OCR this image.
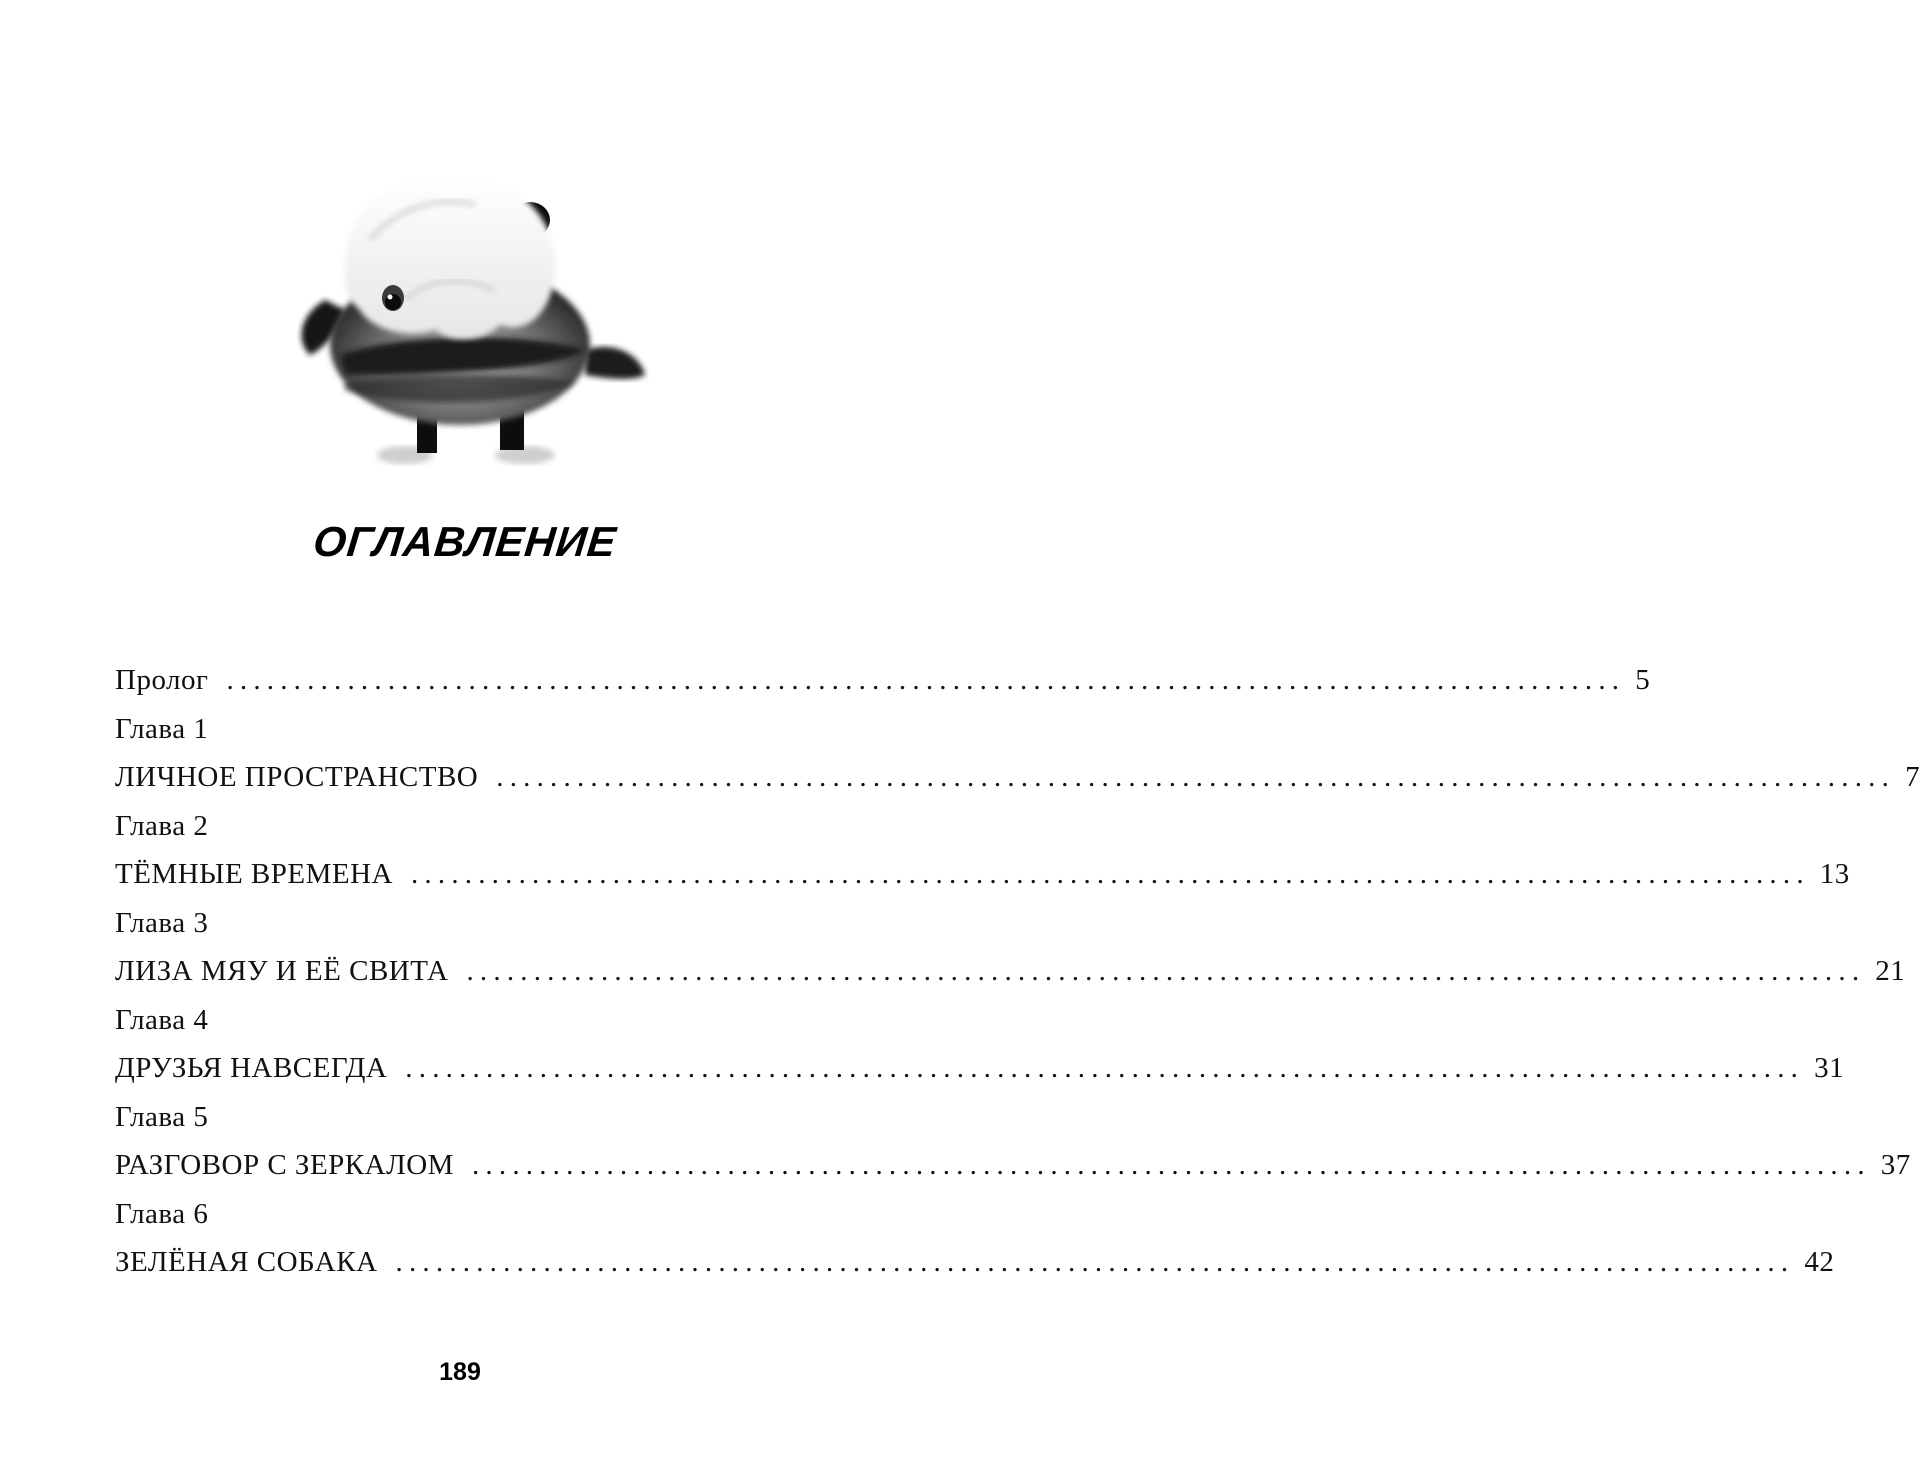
ОГЛАВЛЕНИЕ
Пролог ........................................................................................................ 5
Глава 1
ЛИЧНОЕ ПРОСТРАНСТВО ........................................................................................................ 7
Глава 2
ТЁМНЫЕ ВРЕМЕНА ........................................................................................................ 13
Глава 3
ЛИЗА МЯУ И ЕЁ СВИТА ........................................................................................................ 21
Глава 4
ДРУЗЬЯ НАВСЕГДА ........................................................................................................ 31
Глава 5
РАЗГОВОР С ЗЕРКАЛОМ ........................................................................................................ 37
Глава 6
ЗЕЛЁНАЯ СОБАКА ........................................................................................................ 42
189
